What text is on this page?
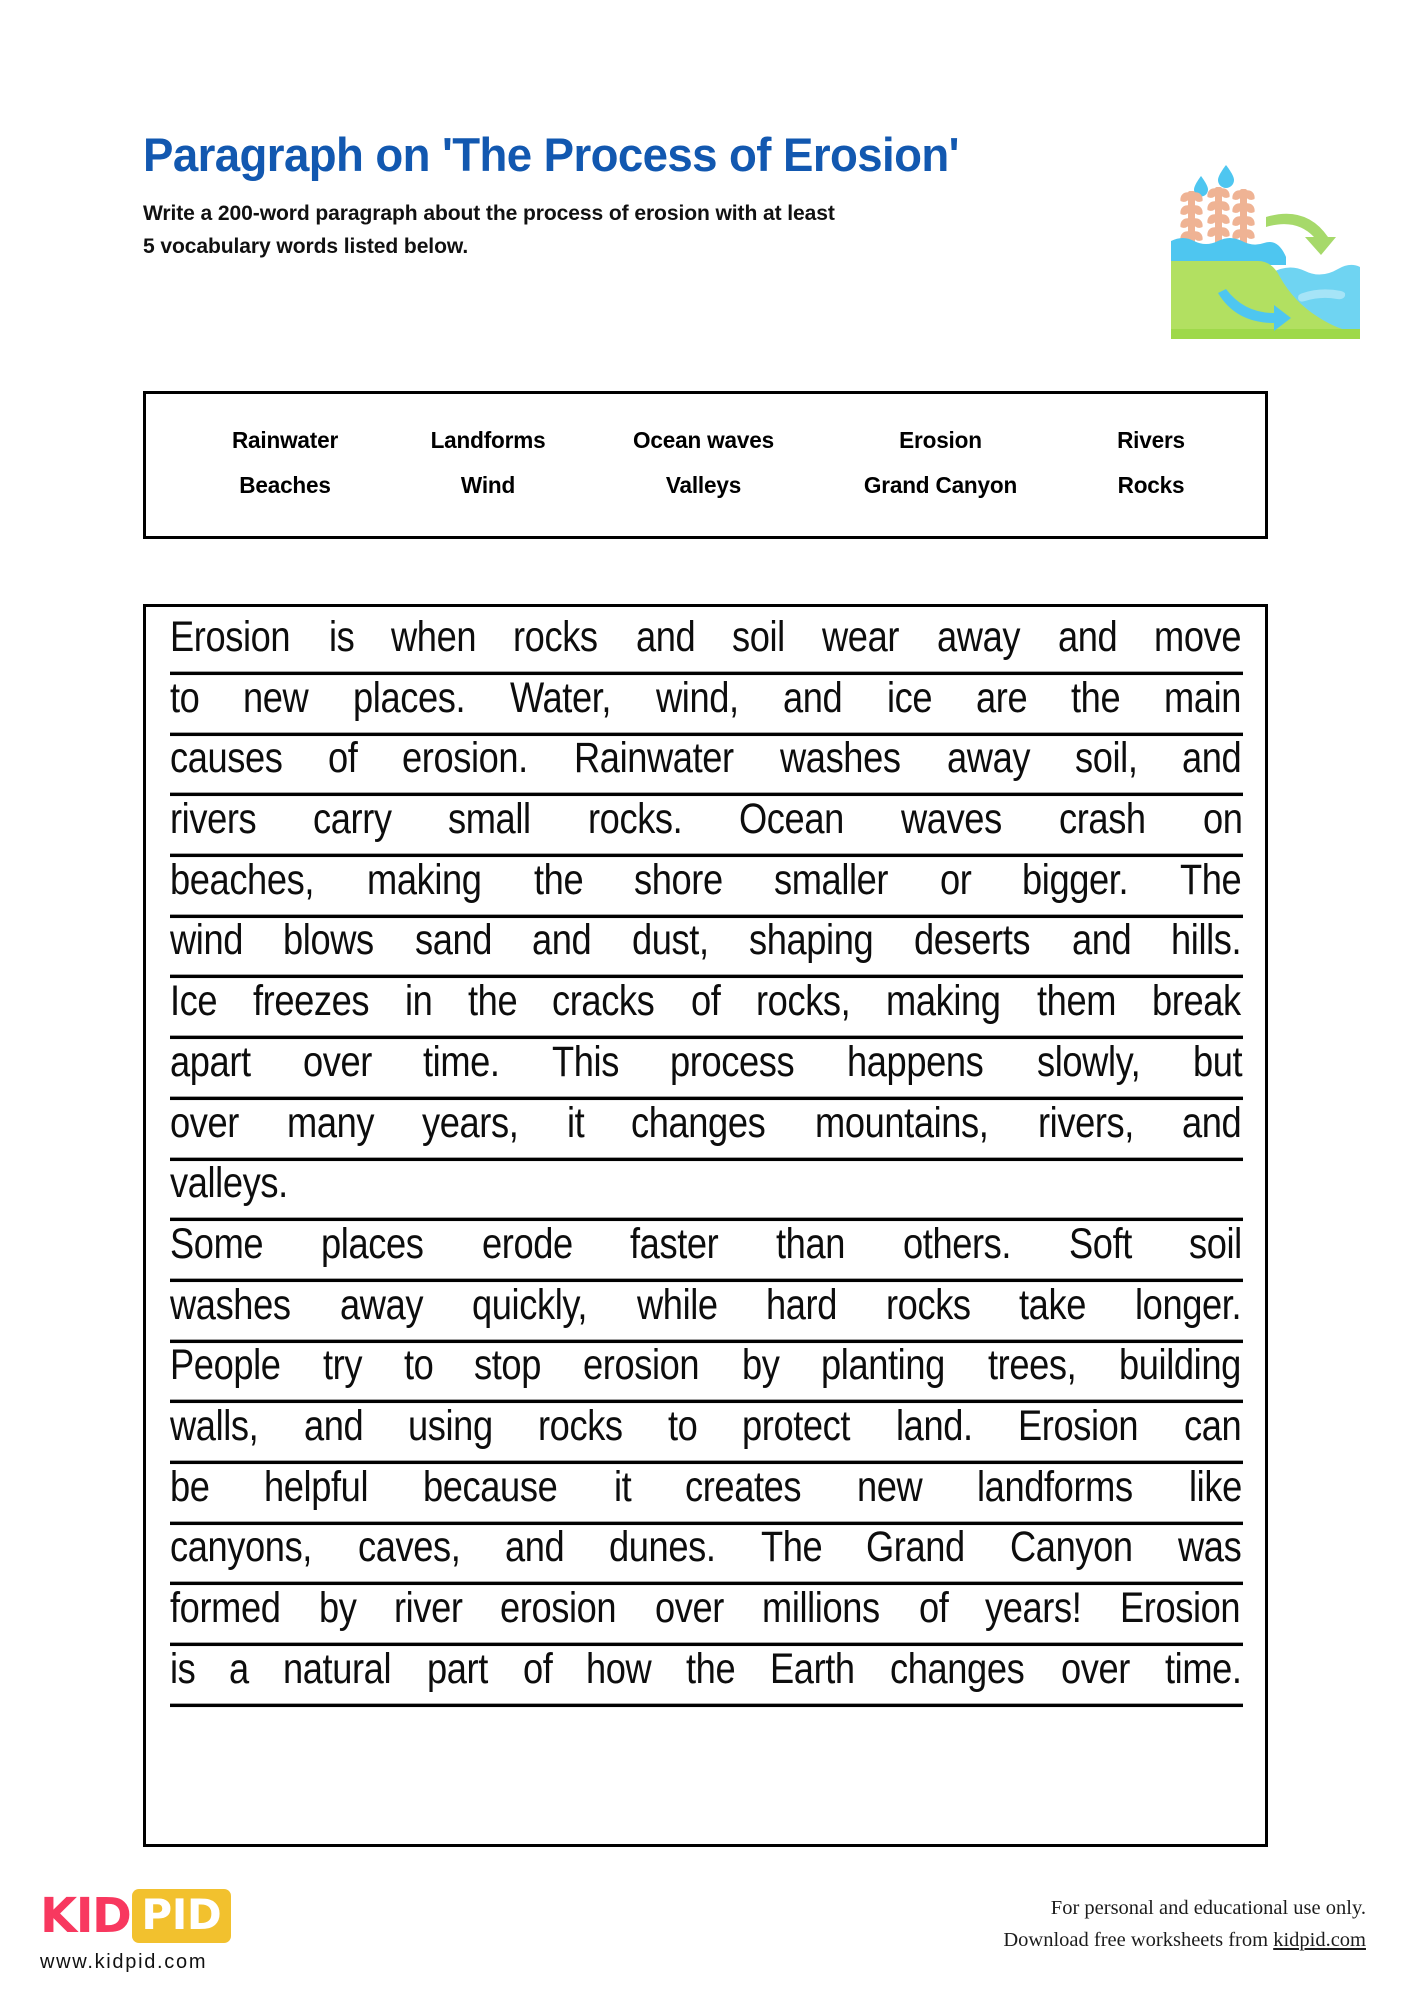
Paragraph on 'The Process of Erosion'

Write a 200-word paragraph about the process of erosion with at least
5 vocabulary words listed below.

Rainwater	Landforms	Ocean waves	Erosion	Rivers
Beaches	Wind	Valleys	Grand Canyon	Rocks
Erosion is when rocks and soil wear away and move
to new places. Water, wind, and ice are the main
causes of erosion. Rainwater washes away soil, and
rivers carry small rocks. Ocean waves crash on
beaches, making the shore smaller or bigger. The
wind blows sand and dust, shaping deserts and hills.
Ice freezes in the cracks of rocks, making them break
apart over time. This process happens slowly, but
over many years, it changes mountains, rivers, and
valleys.
Some places erode faster than others. Soft soil
washes away quickly, while hard rocks take longer.
People try to stop erosion by planting trees, building
walls, and using rocks to protect land. Erosion can
be helpful because it creates new landforms like
canyons, caves, and dunes. The Grand Canyon was
formed by river erosion over millions of years! Erosion
is a natural part of how the Earth changes over time.
KID PID
www.kidpid.com
For personal and educational use only.
Download free worksheets from kidpid.com
